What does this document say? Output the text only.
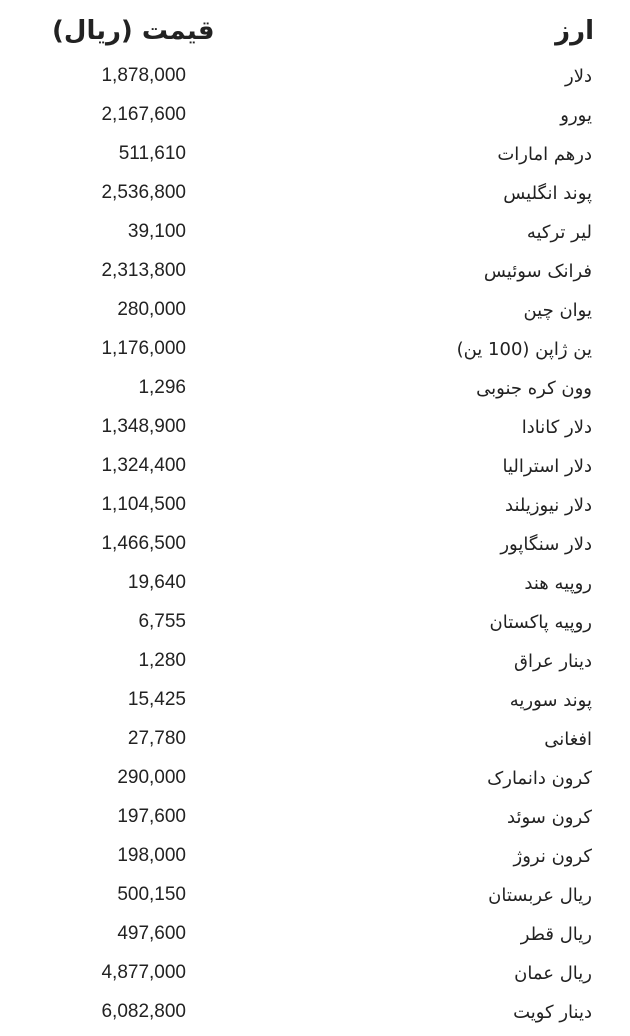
ارز
قیمت (ریال)
دلار
1,878,000
یورو
2,167,600
درهم امارات
511,610
پوند انگلیس
2,536,800
لیر ترکیه
39,100
فرانک سوئیس
2,313,800
یوان چین
280,000
ین ژاپن (100 ین)
1,176,000
وون کره جنوبی
1,296
دلار کانادا
1,348,900
دلار استرالیا
1,324,400
دلار نیوزیلند
1,104,500
دلار سنگاپور
1,466,500
روپیه هند
19,640
روپیه پاکستان
6,755
دینار عراق
1,280
پوند سوریه
15,425
افغانی
27,780
کرون دانمارک
290,000
کرون سوئد
197,600
کرون نروژ
198,000
ریال عربستان
500,150
ریال قطر
497,600
ریال عمان
4,877,000
دینار کویت
6,082,800
